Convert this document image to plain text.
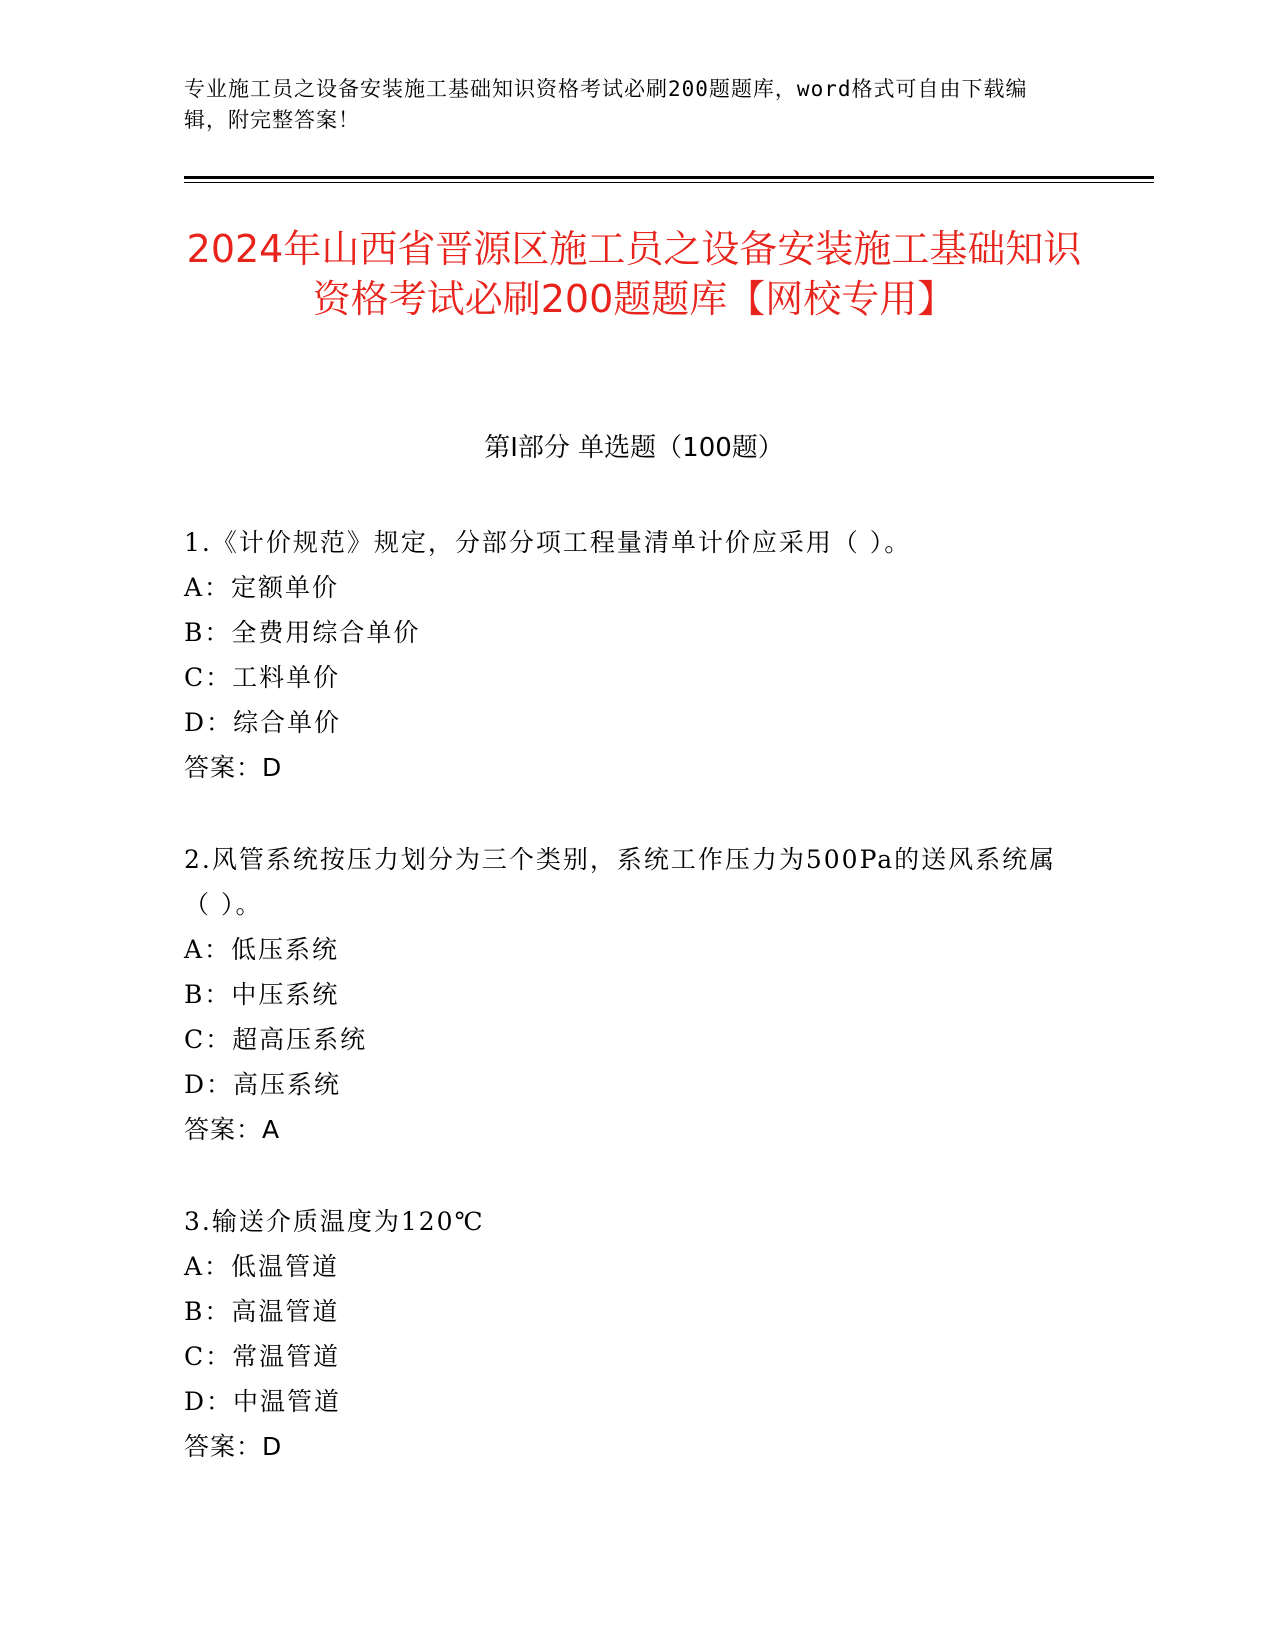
专业施工员之设备安装施工基础知识资格考试必刷200题题库，word格式可自由下载编辑，附完整答案！
2024年山西省晋源区施工员之设备安装施工基础知识资格考试必刷200题题库【网校专用】
第I部分 单选题（100题）
1.《计价规范》规定，分部分项工程量清单计价应采用（ ）。
A：定额单价
B：全费用综合单价
C：工料单价
D：综合单价
答案：D
2.风管系统按压力划分为三个类别，系统工作压力为500Pa的送风系统属（ ）。
A：低压系统
B：中压系统
C：超高压系统
D：高压系统
答案：A
3.输送介质温度为120℃
A：低温管道
B：高温管道
C：常温管道
D：中温管道
答案：D
